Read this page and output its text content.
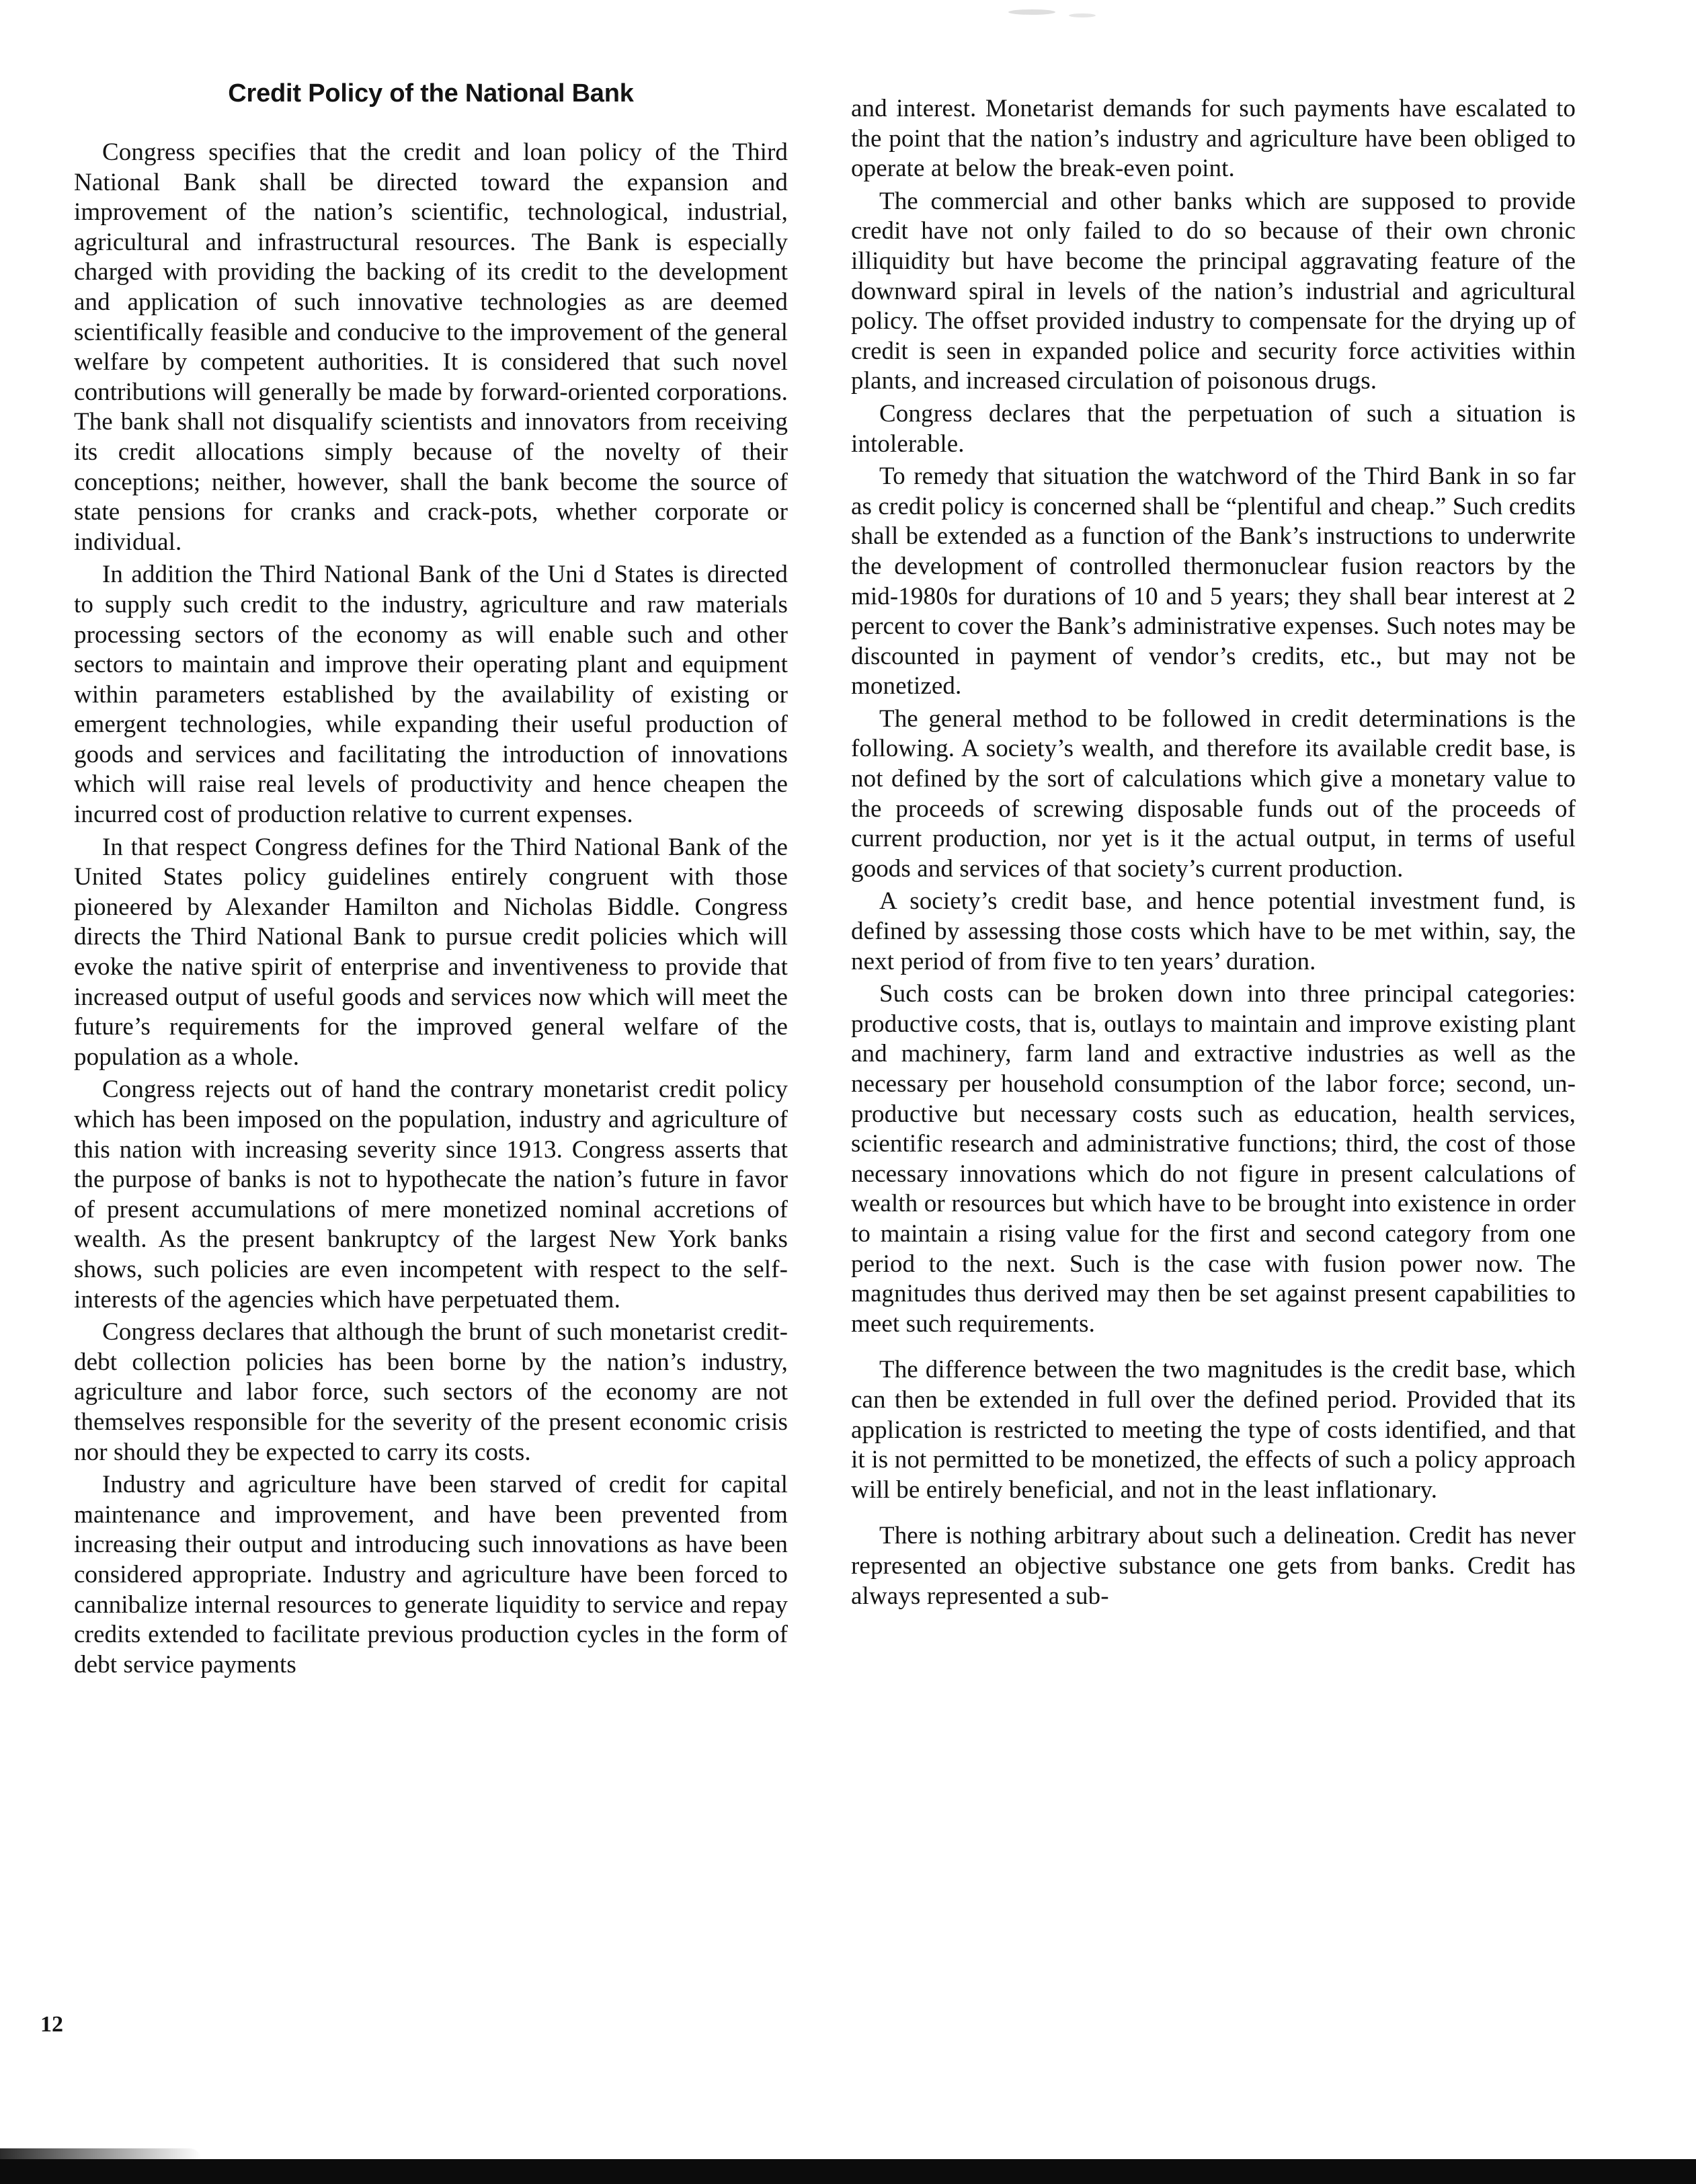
Credit Policy of the National Bank

Congress specifies that the credit and loan policy of the Third National Bank shall be directed toward the expansion and improvement of the nation’s scientific, technological, industrial, agricultural and infrastructural resources. The Bank is especially charged with providing the backing of its credit to the development and application of such innovative technologies as are deemed scientifically feasible and conducive to the improvement of the general welfare by competent authorities. It is considered that such novel contributions will generally be made by forward-oriented corporations. The bank shall not disqualify scientists and innovators from receiving its credit allocations simply because of the novelty of their conceptions; neither, however, shall the bank become the source of state pensions for cranks and crack-pots, whether corporate or individual.

In addition the Third National Bank of the Uni d States is directed to supply such credit to the industry, agriculture and raw materials processing sectors of the economy as will enable such and other sectors to maintain and improve their operating plant and equipment within parameters established by the availability of existing or emergent technologies, while expanding their useful production of goods and services and facilitating the introduction of innovations which will raise real levels of productivity and hence cheapen the incurred cost of production relative to current expenses.

In that respect Congress defines for the Third National Bank of the United States policy guidelines entirely congruent with those pioneered by Alexander Hamilton and Nicholas Biddle. Congress directs the Third National Bank to pursue credit policies which will evoke the native spirit of enterprise and inventiveness to provide that increased output of useful goods and services now which will meet the future’s requirements for the improved general welfare of the population as a whole.

Congress rejects out of hand the contrary monetarist credit policy which has been imposed on the population, industry and agriculture of this nation with increasing severity since 1913. Congress asserts that the purpose of banks is not to hypothecate the nation’s future in favor of present accumulations of mere monetized nominal accretions of wealth. As the present bankruptcy of the largest New York banks shows, such policies are even incompetent with respect to the self-interests of the agencies which have perpetuated them.

Congress declares that although the brunt of such monetarist credit-debt collection policies has been borne by the nation’s industry, agriculture and labor force, such sectors of the economy are not themselves responsible for the severity of the present economic crisis nor should they be expected to carry its costs.

Industry and agriculture have been starved of credit for capital maintenance and improvement, and have been prevented from increasing their output and introducing such innovations as have been considered appropriate. Industry and agriculture have been forced to cannibalize internal resources to generate liquidity to service and repay credits extended to facilitate previous production cycles in the form of debt service payments

and interest. Monetarist demands for such payments have escalated to the point that the nation’s industry and agriculture have been obliged to operate at below the break-even point.

The commercial and other banks which are supposed to provide credit have not only failed to do so because of their own chronic illiquidity but have become the principal aggravating feature of the downward spiral in levels of the nation’s industrial and agricultural policy. The offset provided industry to compensate for the drying up of credit is seen in expanded police and security force activities within plants, and increased circulation of poisonous drugs.

Congress declares that the perpetuation of such a situation is intolerable.

To remedy that situation the watchword of the Third Bank in so far as credit policy is concerned shall be “plentiful and cheap.” Such credits shall be extended as a function of the Bank’s instructions to underwrite the development of controlled thermonuclear fusion reactors by the mid-1980s for durations of 10 and 5 years; they shall bear interest at 2 percent to cover the Bank’s administrative expenses. Such notes may be discounted in payment of vendor’s credits, etc., but may not be monetized.

The general method to be followed in credit determinations is the following. A society’s wealth, and therefore its available credit base, is not defined by the sort of calculations which give a monetary value to the proceeds of screwing disposable funds out of the proceeds of current production, nor yet is it the actual output, in terms of useful goods and services of that society’s current production.

A society’s credit base, and hence potential investment fund, is defined by assessing those costs which have to be met within, say, the next period of from five to ten years’ duration.

Such costs can be broken down into three principal categories: productive costs, that is, outlays to maintain and improve existing plant and machinery, farm land and extractive industries as well as the necessary per household consumption of the labor force; second, unproductive but necessary costs such as education, health services, scientific research and administrative functions; third, the cost of those necessary innovations which do not figure in present calculations of wealth or resources but which have to be brought into existence in order to maintain a rising value for the first and second category from one period to the next. Such is the case with fusion power now. The magnitudes thus derived may then be set against present capabilities to meet such requirements.

The difference between the two magnitudes is the credit base, which can then be extended in full over the defined period. Provided that its application is restricted to meeting the type of costs identified, and that it is not permitted to be monetized, the effects of such a policy approach will be entirely beneficial, and not in the least inflationary.

There is nothing arbitrary about such a delineation. Credit has never represented an objective substance one gets from banks. Credit has always represented a sub-

12
